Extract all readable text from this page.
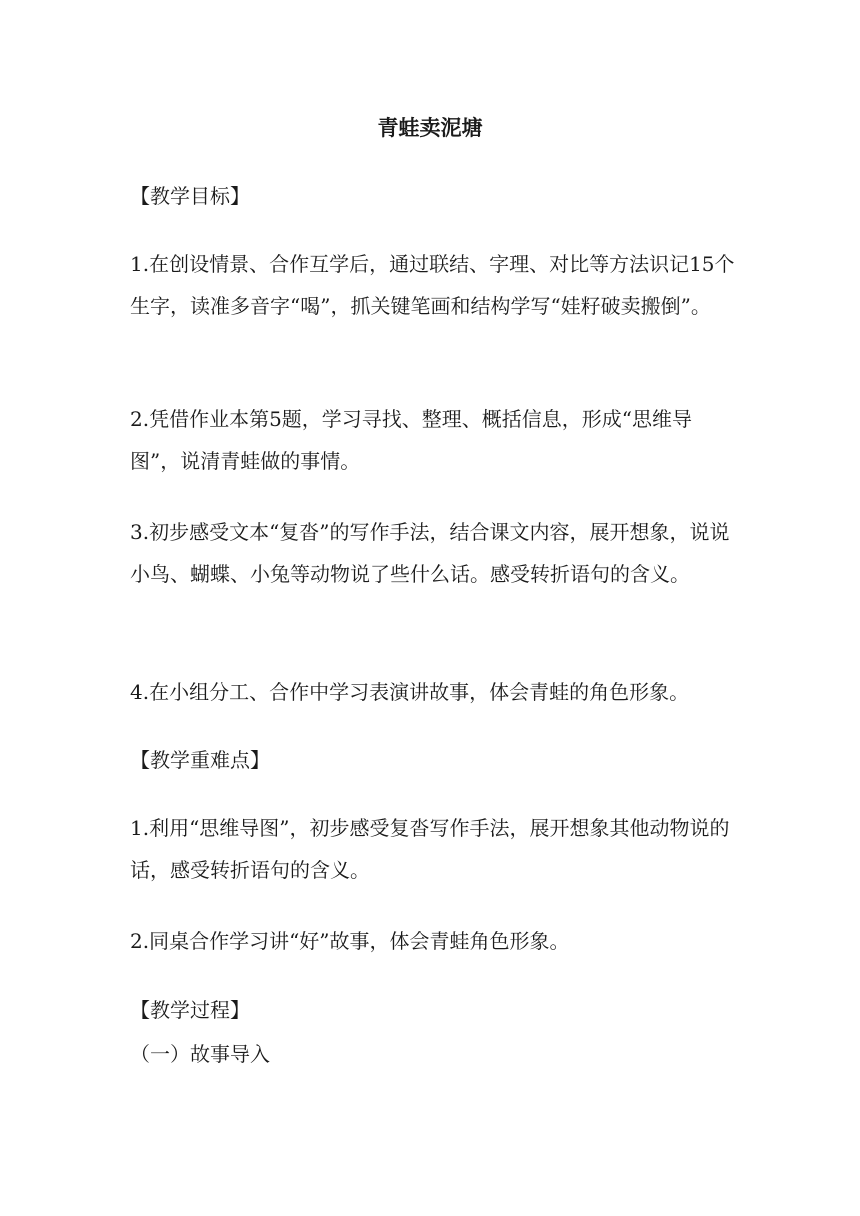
青蛙卖泥塘
【教学目标】
1.在创设情景、合作互学后，通过联结、字理、对比等方法识记15个生字，读准多音字“喝”，抓关键笔画和结构学写“娃籽破卖搬倒”。
2.凭借作业本第5题，学习寻找、整理、概括信息，形成“思维导图”，说清青蛙做的事情。
3.初步感受文本“复沓”的写作手法，结合课文内容，展开想象，说说小鸟、蝴蝶、小兔等动物说了些什么话。感受转折语句的含义。
4.在小组分工、合作中学习表演讲故事，体会青蛙的角色形象。
【教学重难点】
1.利用“思维导图”，初步感受复沓写作手法，展开想象其他动物说的话，感受转折语句的含义。
2.同桌合作学习讲“好”故事，体会青蛙角色形象。
【教学过程】
（一）故事导入
